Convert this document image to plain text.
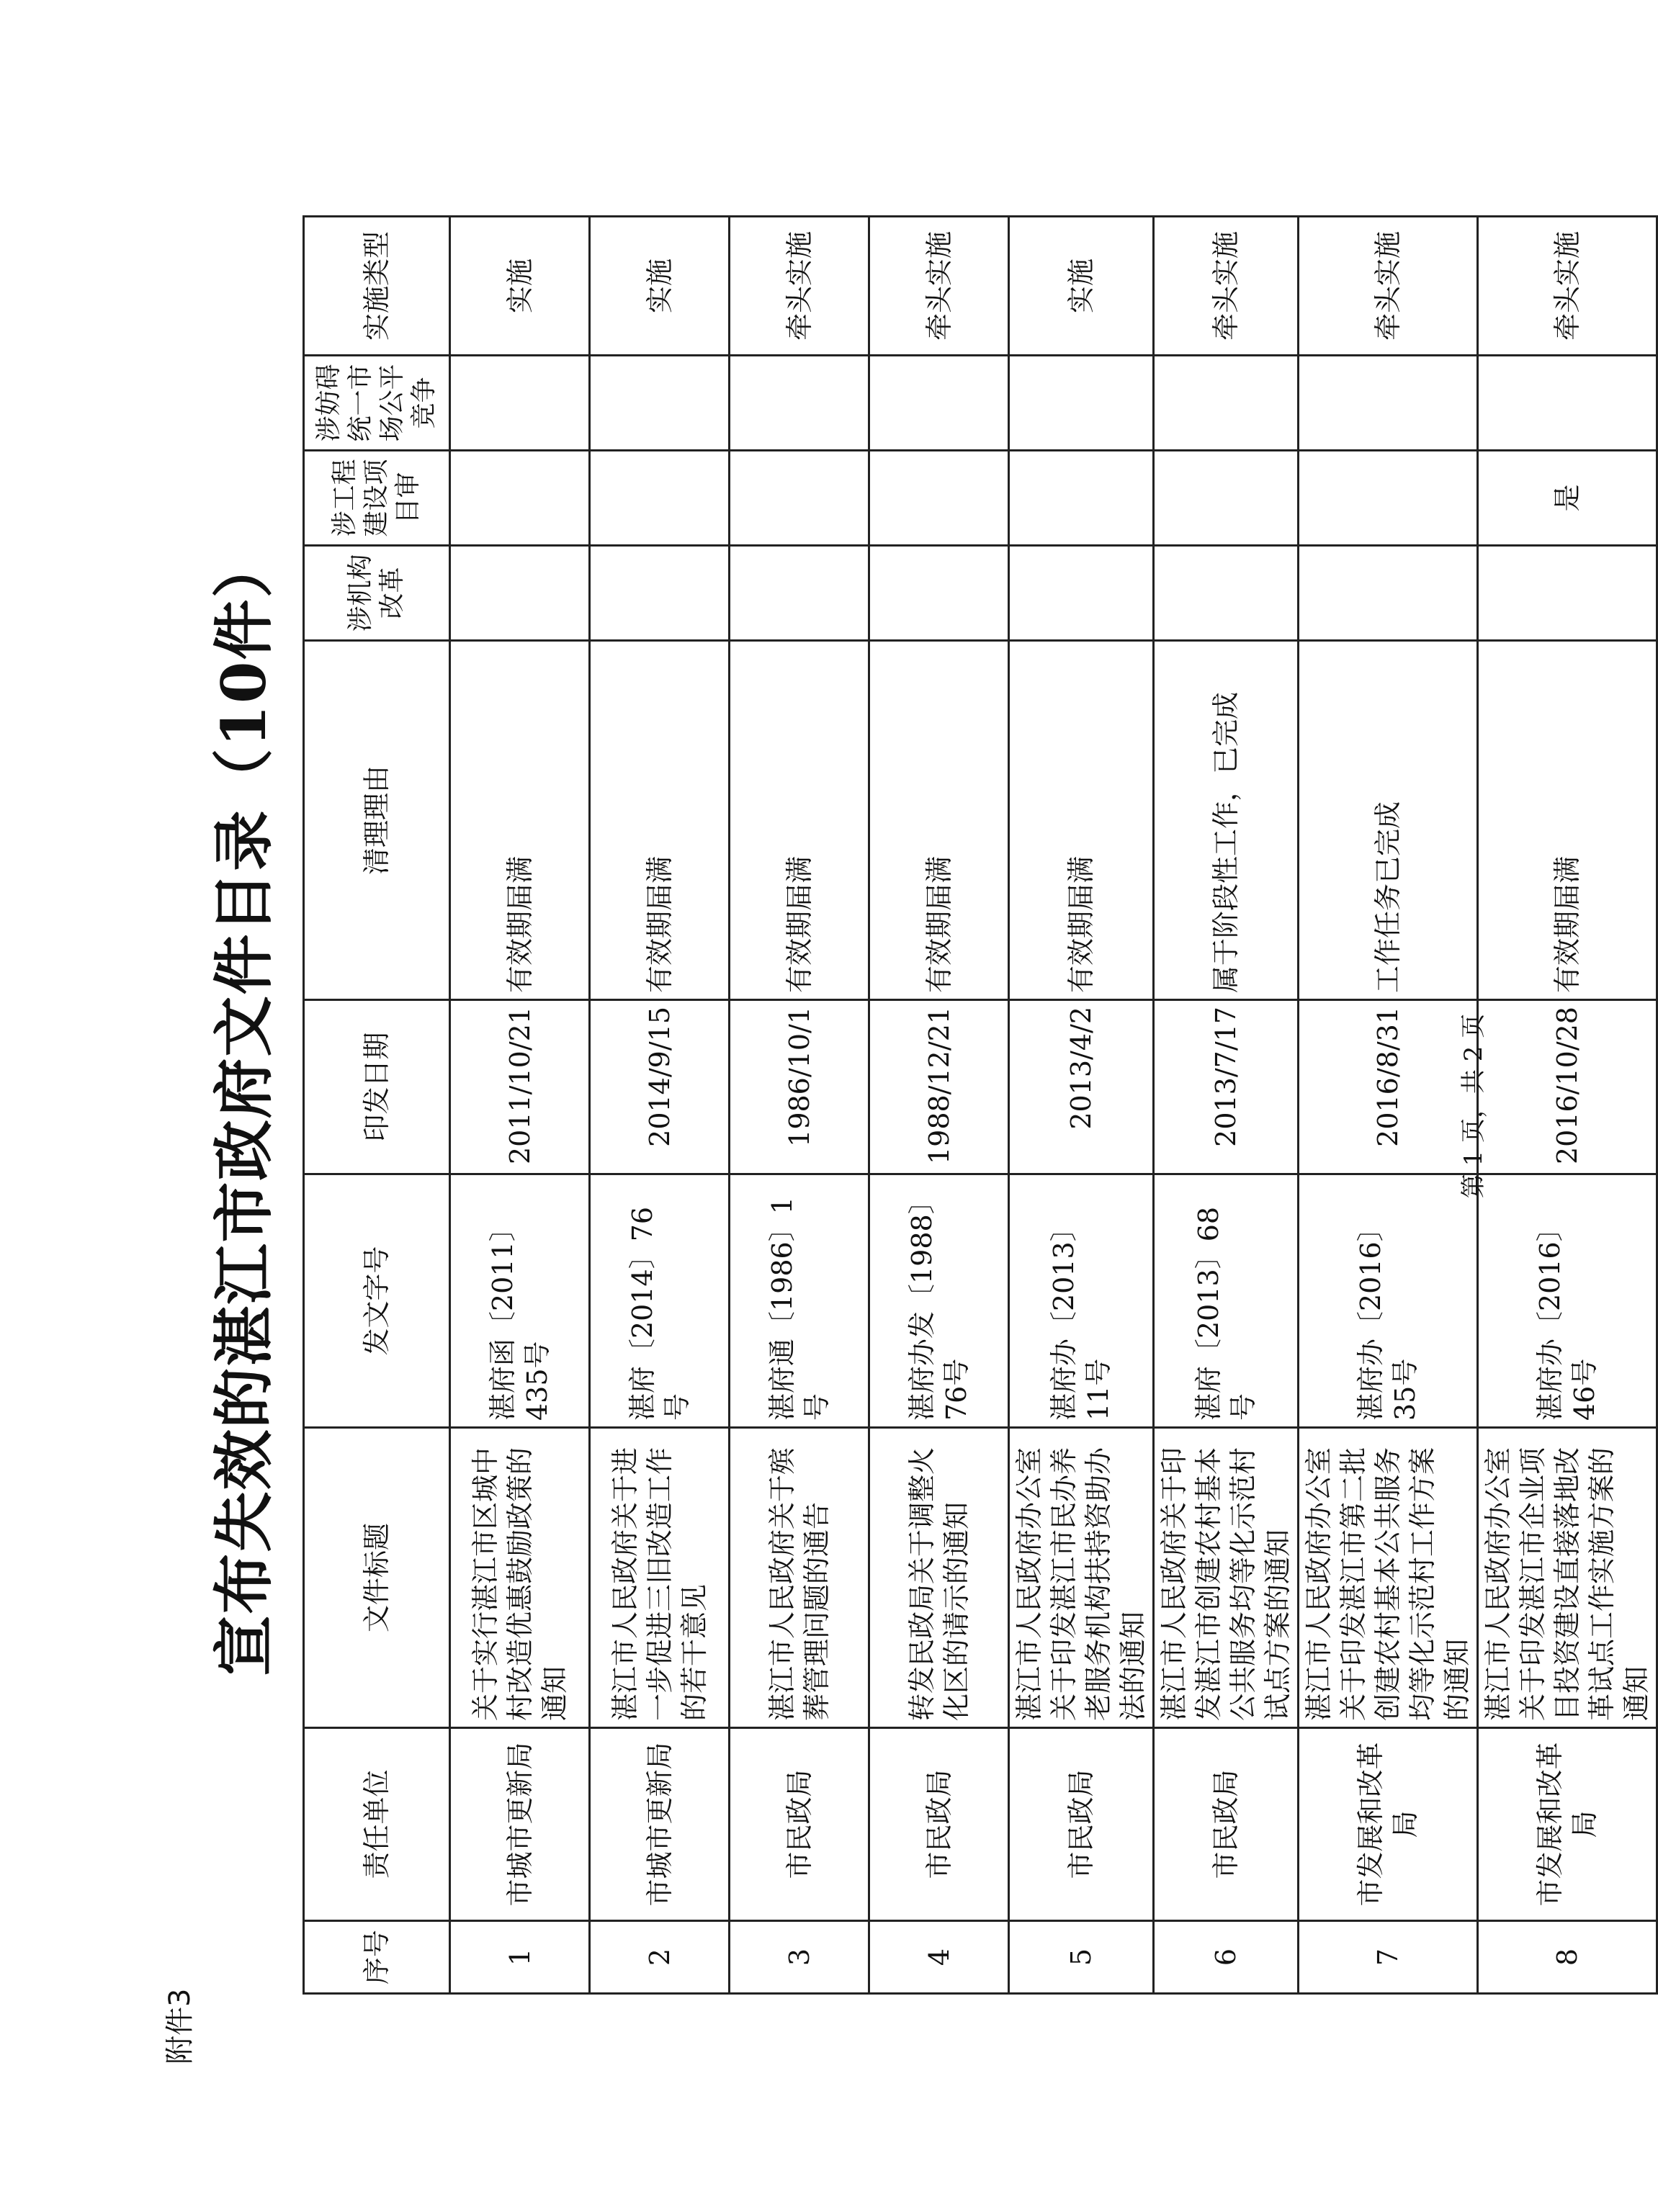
附件3
宣布失效的湛江市政府文件目录（10件）
序号	责任单位	文件标题	发文字号	印发日期	清理理由	涉机构改革	涉工程建设项目审	涉妨碍统一市场公平竞争	实施类型
1	市城市更新局	关于实行湛江市区城中村改造优惠鼓励政策的通知	湛府函〔2011〕435号	2011/10/21	有效期届满				实施
2	市城市更新局	湛江市人民政府关于进一步促进三旧改造工作的若干意见	湛府〔2014〕76号	2014/9/15	有效期届满				实施
3	市民政局	湛江市人民政府关于殡葬管理问题的通告	湛府通〔1986〕1号	1986/10/1	有效期届满				牵头实施
4	市民政局	转发民政局关于调整火化区的请示的通知	湛府办发〔1988〕76号	1988/12/21	有效期届满				牵头实施
5	市民政局	湛江市人民政府办公室关于印发湛江市民办养老服务机构扶持资助办法的通知	湛府办〔2013〕11号	2013/4/2	有效期届满				实施
6	市民政局	湛江市人民政府关于印发湛江市创建农村基本公共服务均等化示范村试点方案的通知	湛府〔2013〕68号	2013/7/17	属于阶段性工作，已完成				牵头实施
7	市发展和改革局	湛江市人民政府办公室关于印发湛江市第二批创建农村基本公共服务均等化示范村工作方案的通知	湛府办〔2016〕35号	2016/8/31	工作任务已完成				牵头实施
8	市发展和改革局	湛江市人民政府办公室关于印发湛江市企业项目投资建设直接落地改革试点工作实施方案的通知	湛府办〔2016〕46号	2016/10/28	有效期届满		是		牵头实施
第 1 页，共 2 页
